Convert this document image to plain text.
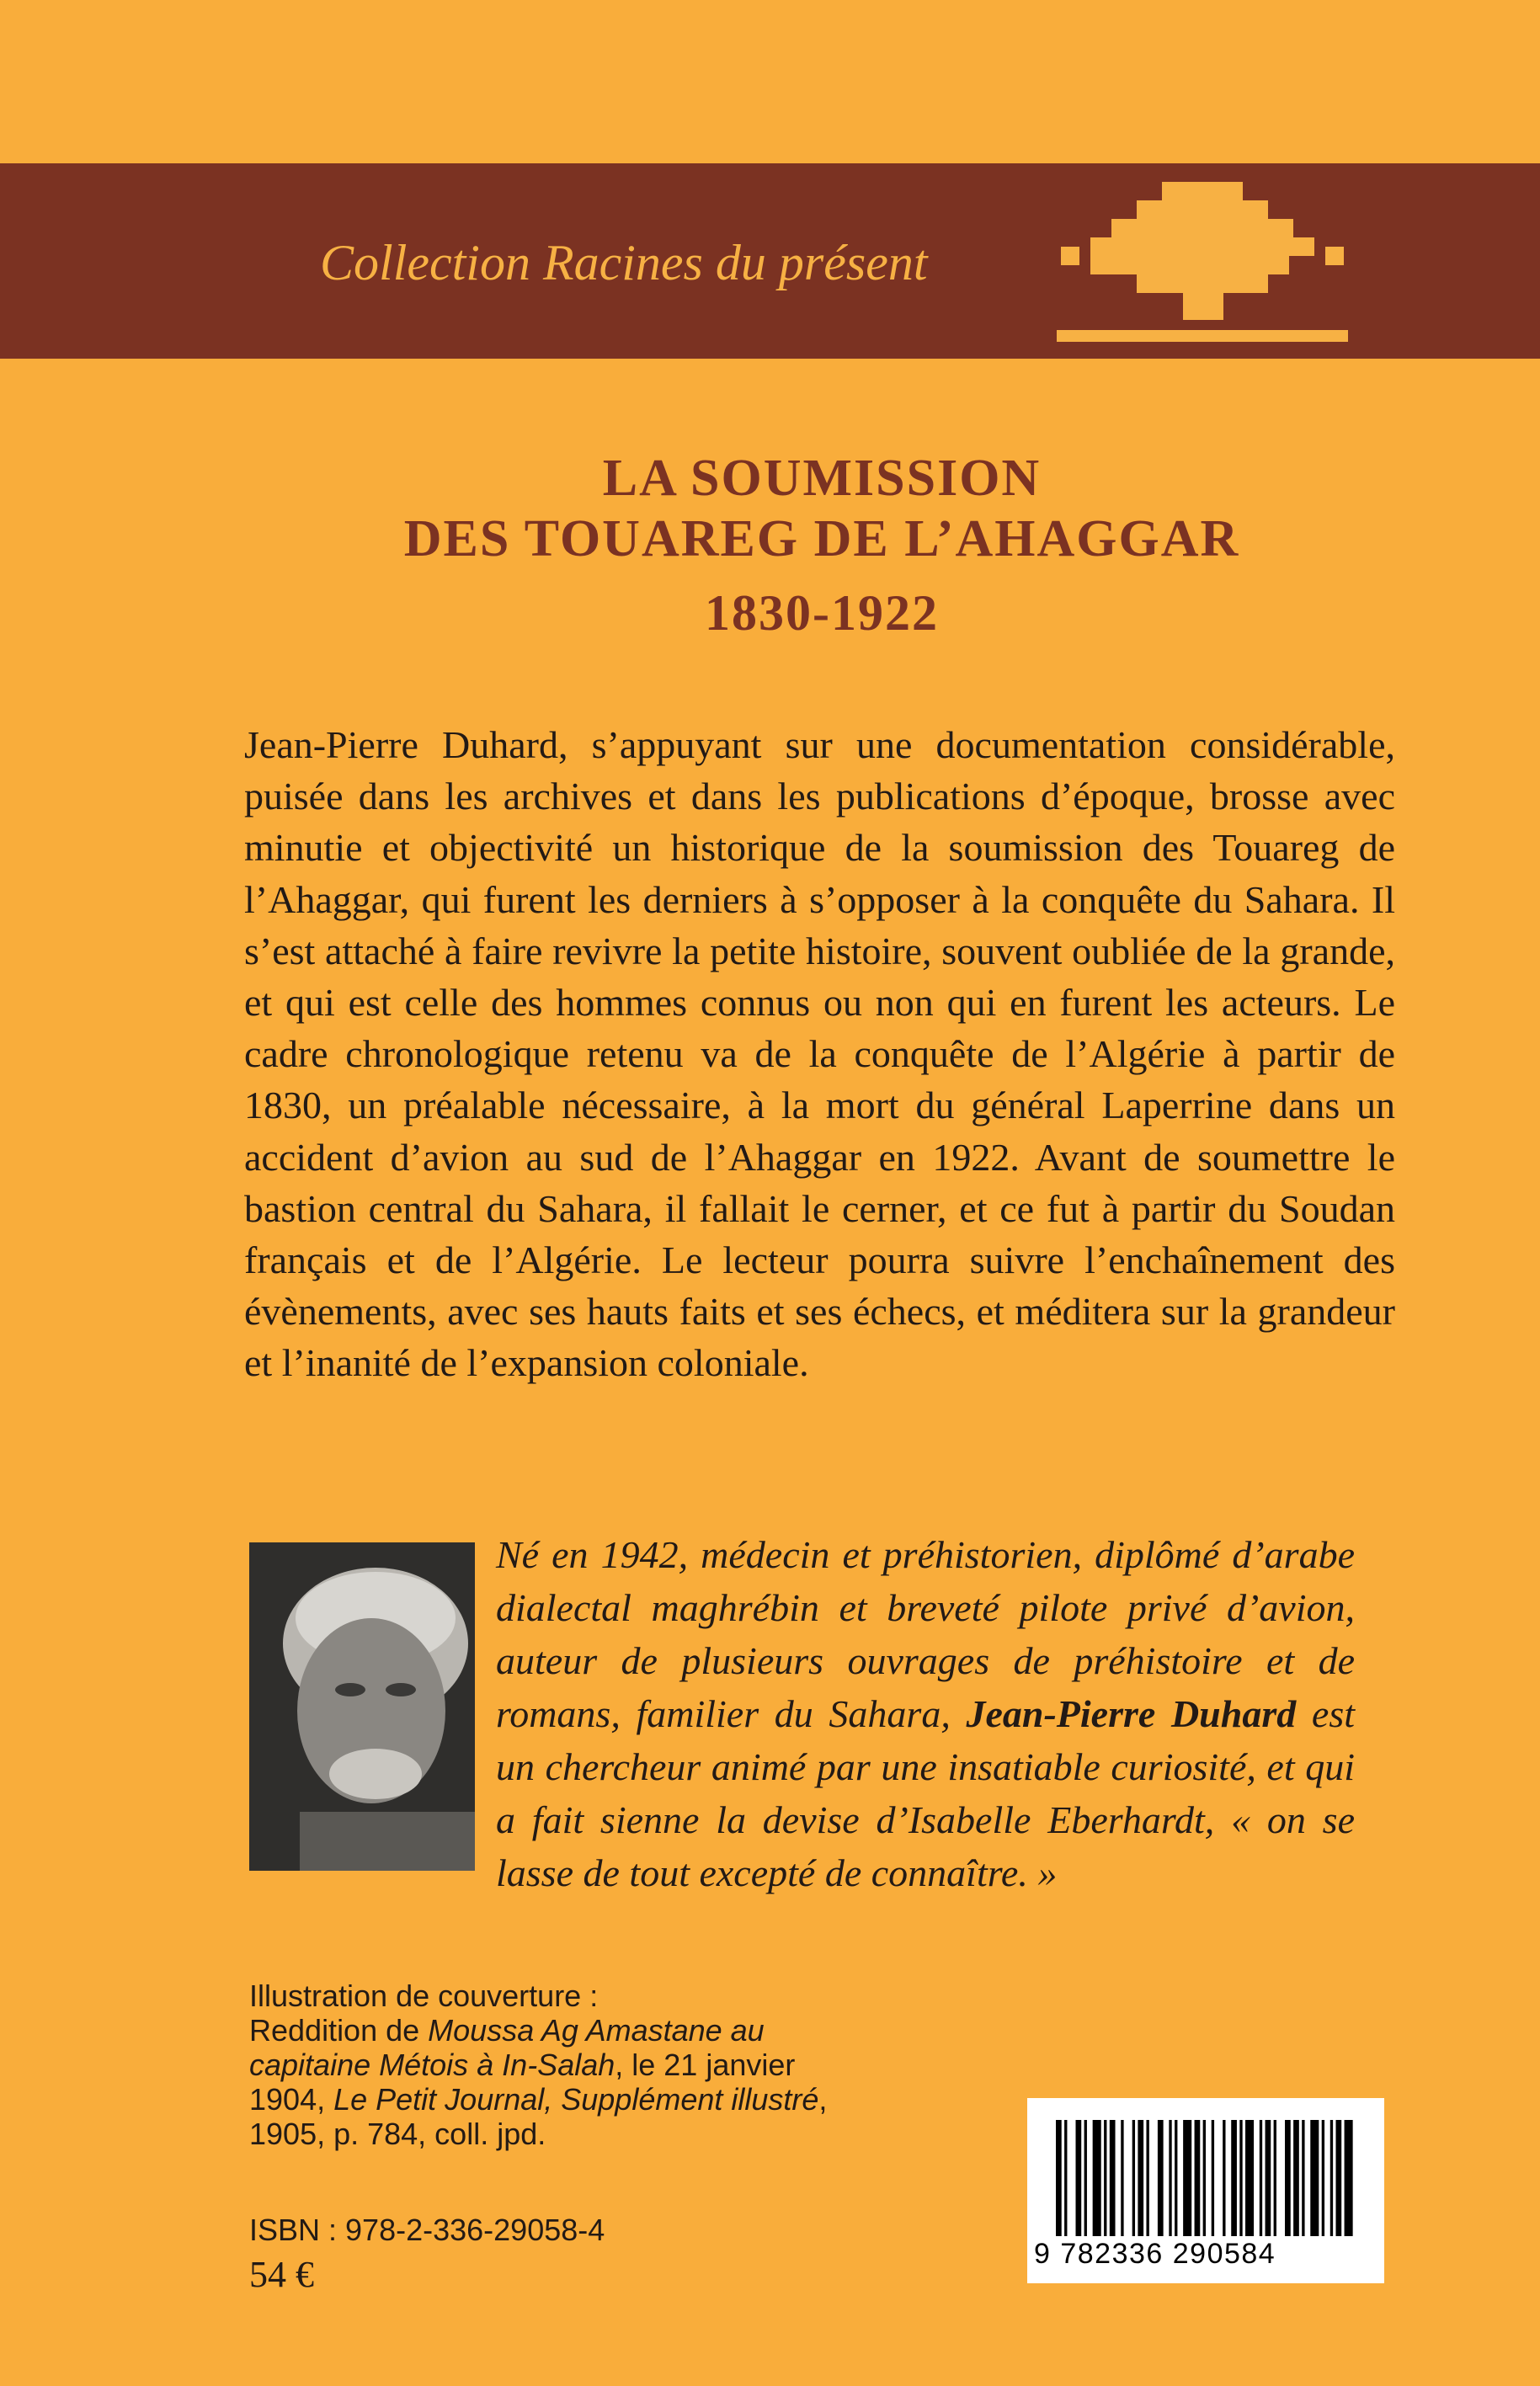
Collection Racines du présent
LA SOUMISSION
DES TOUAREG DE L’AHAGGAR
1830-1922
Jean-Pierre Duhard, s’appuyant sur une documentation considérable, puisée dans les archives et dans les publications d’époque, brosse avec minutie et objectivité un historique de la soumission des Touareg de l’Ahaggar, qui furent les derniers à s’opposer à la conquête du Sahara. Il s’est attaché à faire revivre la petite histoire, souvent oubliée de la grande, et qui est celle des hommes connus ou non qui en furent les acteurs. Le cadre chronologique retenu va de la conquête de l’Algérie à partir de 1830, un préalable nécessaire, à la mort du général Laperrine dans un accident d’avion au sud de l’Ahaggar en 1922. Avant de soumettre le bastion central du Sahara, il fallait le cerner, et ce fut à partir du Soudan français et de l’Algérie. Le lecteur pourra suivre l’enchaînement des évènements, avec ses hauts faits et ses échecs, et méditera sur la grandeur et l’inanité de l’expansion coloniale.
Né en 1942, médecin et préhistorien, diplômé d’arabe dialectal maghrébin et breveté pilote privé d’avion, auteur de plusieurs ouvrages de préhistoire et de romans, familier du Sahara, Jean-Pierre Duhard est un chercheur animé par une insatiable curiosité, et qui a fait sienne la devise d’Isabelle Eberhardt, « on se lasse de tout excepté de connaître. »
Illustration de couverture :
Reddition de Moussa Ag Amastane au capitaine Métois à In-Salah, le 21 janvier 1904, Le Petit Journal, Supplément illustré, 1905, p. 784, coll. jpd.
ISBN : 978-2-336-29058-4
54 €	9 782336 290584
